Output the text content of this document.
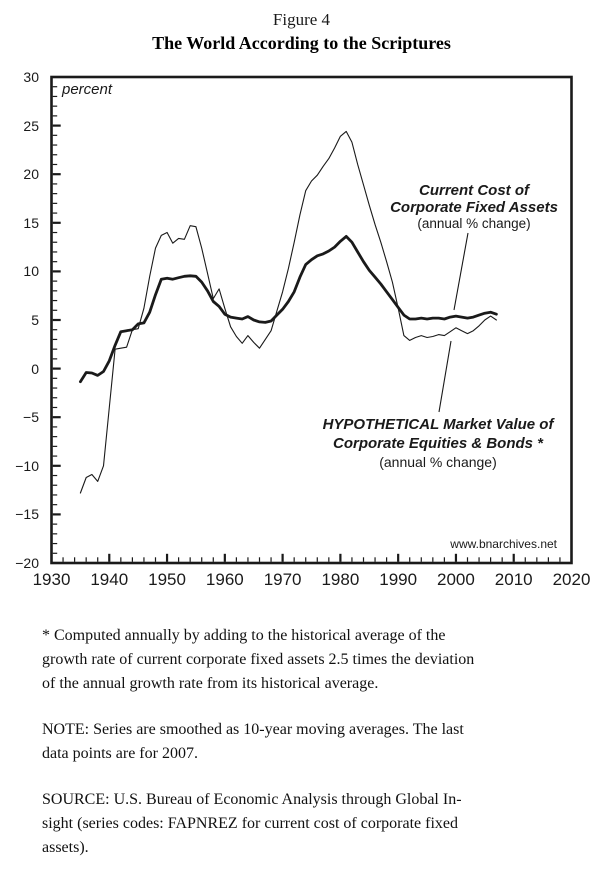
Figure 4
The World According to the Scriptures
percent
Current Cost of
Corporate Fixed Assets
(annual % change)
HYPOTHETICAL Market Value of
Corporate Equities & Bonds *
(annual % change)
www.bnarchives.net
30
25
20
15
10
5
0
−5
−10
−15
−20
1930	1940	1950	1960	1970	1980	1990	2000	2010	2020

* Computed annually by adding to the historical average of the
growth rate of current corporate fixed assets 2.5 times the deviation
of the annual growth rate from its historical average.

NOTE: Series are smoothed as 10-year moving averages. The last
data points are for 2007.

SOURCE: U.S. Bureau of Economic Analysis through Global In-
sight (series codes: FAPNREZ for current cost of corporate fixed
assets).
